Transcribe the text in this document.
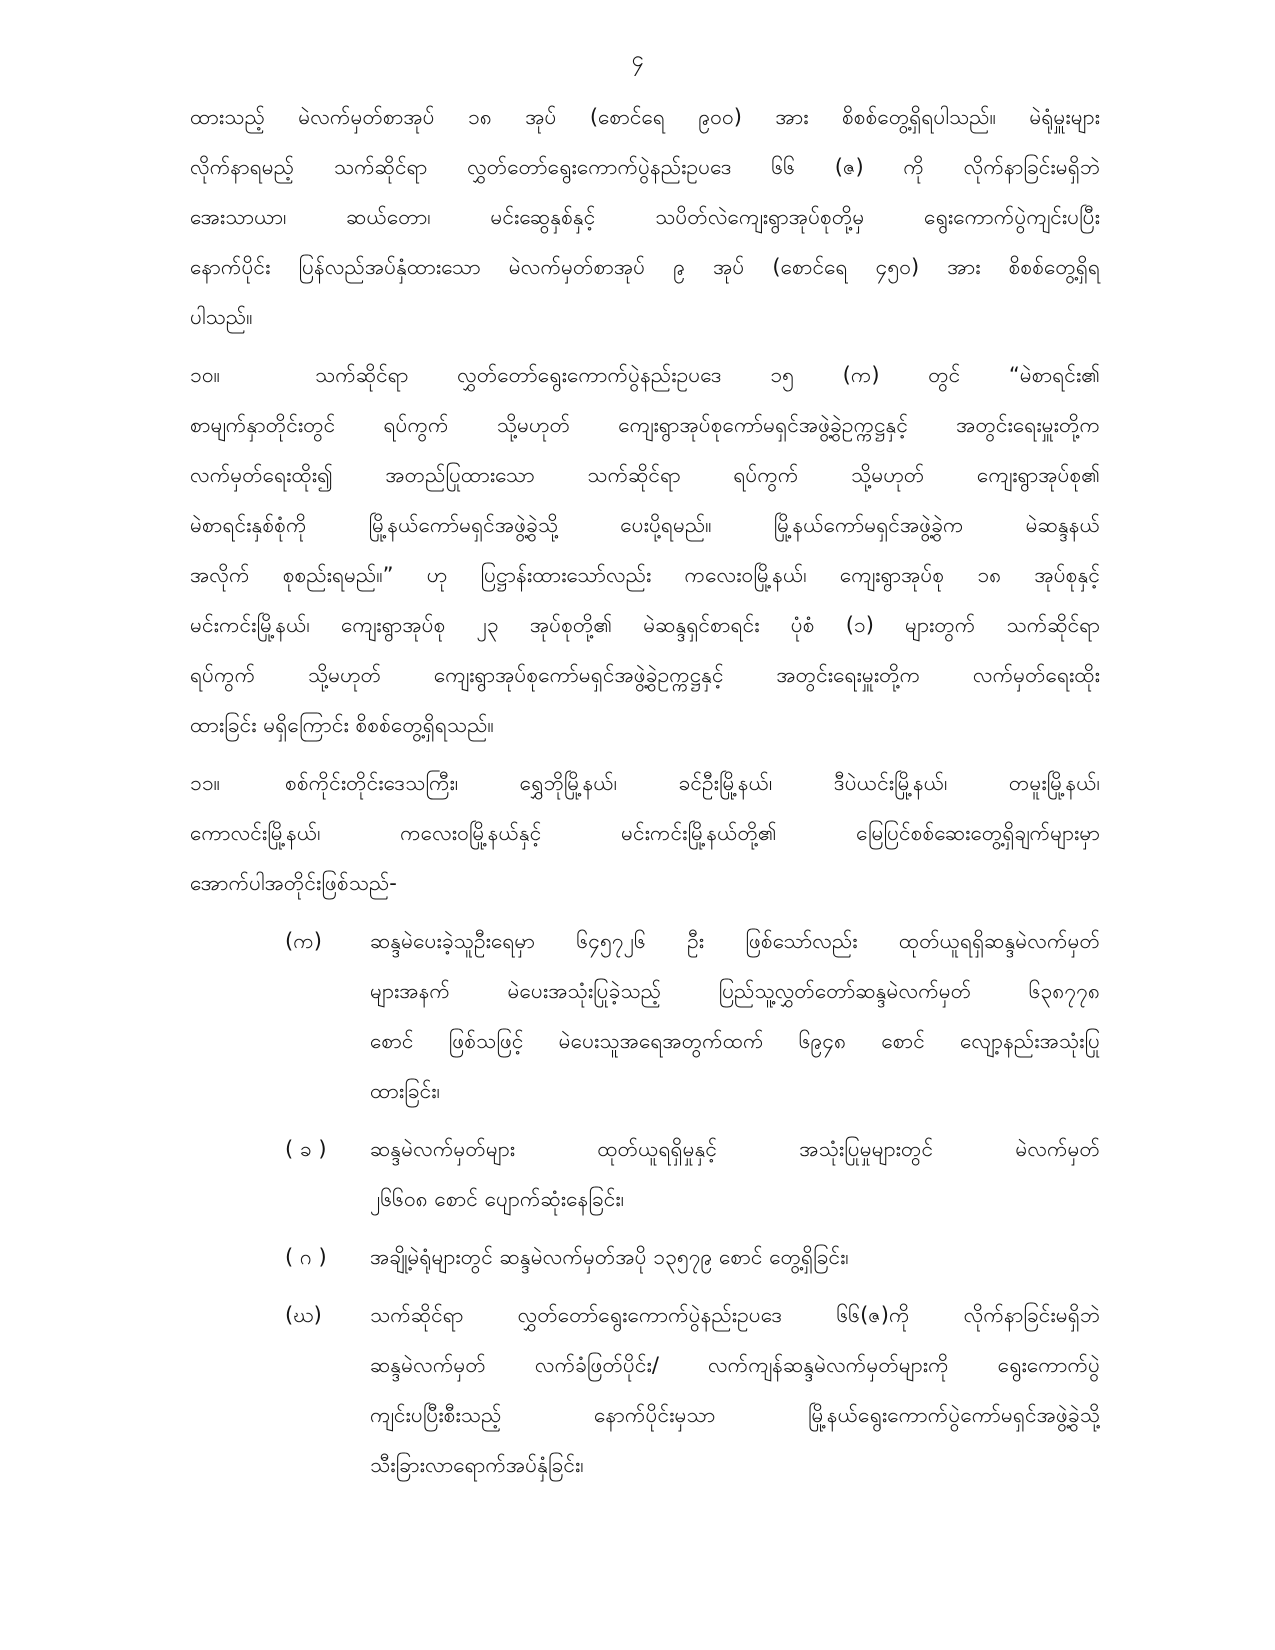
၄
ထားသည့် မဲလက်မှတ်စာအုပ် ၁၈ အုပ် (စောင်ရေ ၉၀၀) အား စိစစ်တွေ့ရှိရပါသည်။ မဲရုံမှူးများ
လိုက်နာရမည့် သက်ဆိုင်ရာ လွှတ်တော်ရွေးကောက်ပွဲနည်းဥပဒေ ၆၆ (ဇ) ကို လိုက်နာခြင်းမရှိဘဲ
အေးသာယာ၊ ဆယ်တော၊ မင်းဆွေနှစ်နှင့် သပိတ်လဲကျေးရွာအုပ်စုတို့မှ ရွေးကောက်ပွဲကျင်းပပြီး
နောက်ပိုင်း ပြန်လည်အပ်နှံထားသော မဲလက်မှတ်စာအုပ် ၉ အုပ် (စောင်ရေ ၄၅၀) အား စိစစ်တွေ့ရှိရ
ပါသည်။
၁၀။	သက်ဆိုင်ရာ လွှတ်တော်ရွေးကောက်ပွဲနည်းဥပဒေ ၁၅ (က) တွင် “မဲစာရင်း၏
စာမျက်နှာတိုင်းတွင် ရပ်ကွက် သို့မဟုတ် ကျေးရွာအုပ်စုကော်မရှင်အဖွဲ့ခွဲဥက္ကဋ္ဌနှင့် အတွင်းရေးမှူးတို့က
လက်မှတ်ရေးထိုး၍ အတည်ပြုထားသော သက်ဆိုင်ရာ ရပ်ကွက် သို့မဟုတ် ကျေးရွာအုပ်စု၏
မဲစာရင်းနှစ်စုံကို မြို့နယ်ကော်မရှင်အဖွဲ့ခွဲသို့ ပေးပို့ရမည်။ မြို့နယ်ကော်မရှင်အဖွဲ့ခွဲက မဲဆန္ဒနယ်
အလိုက် စုစည်းရမည်။” ဟု ပြဋ္ဌာန်းထားသော်လည်း ကလေးဝမြို့နယ်၊ ကျေးရွာအုပ်စု ၁၈ အုပ်စုနှင့်
မင်းကင်းမြို့နယ်၊ ကျေးရွာအုပ်စု ၂၃ အုပ်စုတို့၏ မဲဆန္ဒရှင်စာရင်း ပုံစံ (၁) များတွက် သက်ဆိုင်ရာ
ရပ်ကွက် သို့မဟုတ် ကျေးရွာအုပ်စုကော်မရှင်အဖွဲ့ခွဲဥက္ကဋ္ဌနှင့် အတွင်းရေးမှူးတို့က လက်မှတ်ရေးထိုး
ထားခြင်း မရှိကြောင်း စိစစ်တွေ့ရှိရသည်။
၁၁။	စစ်ကိုင်းတိုင်းဒေသကြီး၊ ရွှေဘိုမြို့နယ်၊ ခင်ဦးမြို့နယ်၊ ဒီပဲယင်းမြို့နယ်၊ တမူးမြို့နယ်၊
ကောလင်းမြို့နယ်၊ ကလေးဝမြို့နယ်နှင့် မင်းကင်းမြို့နယ်တို့၏ မြေပြင်စစ်ဆေးတွေ့ရှိချက်များမှာ
အောက်ပါအတိုင်းဖြစ်သည်-
(က)	ဆန္ဒမဲပေးခဲ့သူဦးရေမှာ ၆၄၅၇၂၆ ဦး ဖြစ်သော်လည်း ထုတ်ယူရရှိဆန္ဒမဲလက်မှတ်
များအနက် မဲပေးအသုံးပြုခဲ့သည့် ပြည်သူ့လွှတ်တော်ဆန္ဒမဲလက်မှတ် ၆၃၈၇၇၈
စောင် ဖြစ်သဖြင့် မဲပေးသူအရေအတွက်ထက် ၆၉၄၈ စောင် လျော့နည်းအသုံးပြု
ထားခြင်း၊
( ခ )	ဆန္ဒမဲလက်မှတ်များ ထုတ်ယူရရှိမှုနှင့် အသုံးပြုမှုများတွင် မဲလက်မှတ်
၂၆၆၀၈ စောင် ပျောက်ဆုံးနေခြင်း၊
( ဂ )	အချို့မဲရုံများတွင် ဆန္ဒမဲလက်မှတ်အပို ၁၃၅၇၉ စောင် တွေ့ရှိခြင်း၊
(ဃ)	သက်ဆိုင်ရာ လွှတ်တော်ရွေးကောက်ပွဲနည်းဥပဒေ ၆၆(ဇ)ကို လိုက်နာခြင်းမရှိဘဲ
ဆန္ဒမဲလက်မှတ် လက်ခံဖြတ်ပိုင်း/ လက်ကျန်ဆန္ဒမဲလက်မှတ်များကို ရွေးကောက်ပွဲ
ကျင်းပပြီးစီးသည့် နောက်ပိုင်းမှသာ မြို့နယ်ရွေးကောက်ပွဲကော်မရှင်အဖွဲ့ခွဲသို့
သီးခြားလာရောက်အပ်နှံခြင်း၊
